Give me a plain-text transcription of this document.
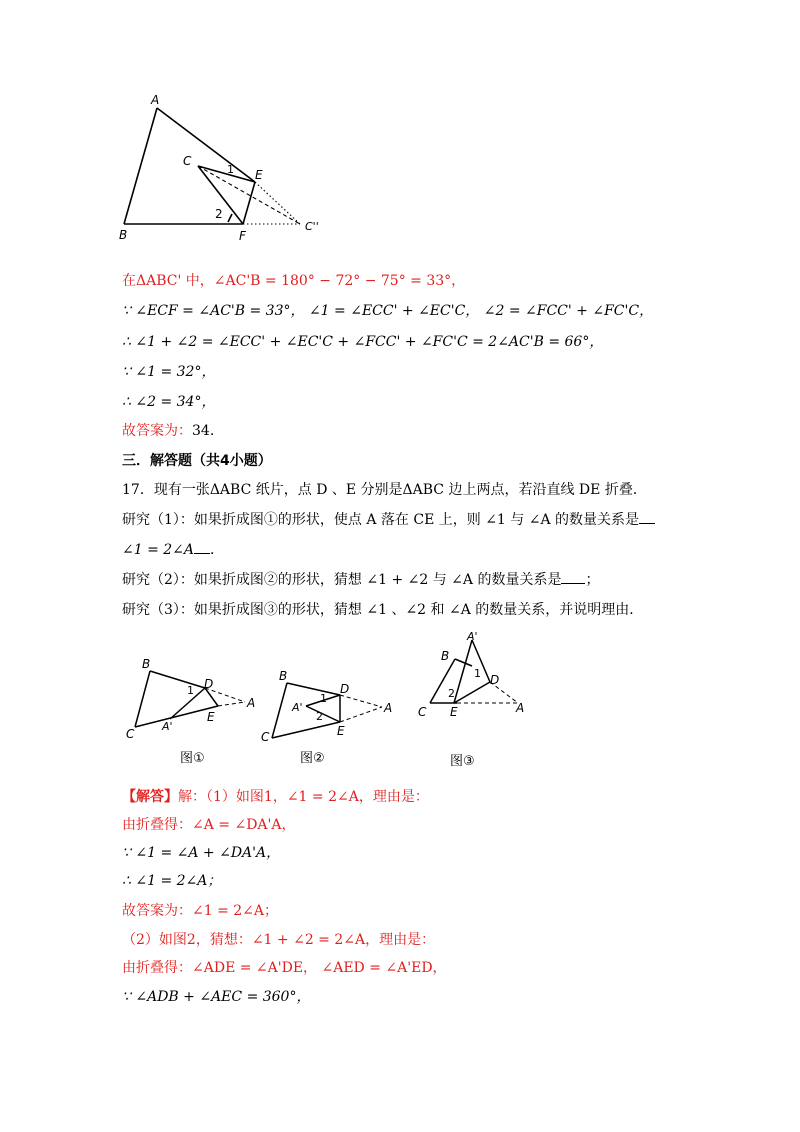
A
B
C
E
F
C''
1
2
在ΔABC' 中，∠AC'B = 180° − 72° − 75° = 33°，
∵ ∠ECF = ∠AC'B = 33°， ∠1 = ∠ECC' + ∠EC'C， ∠2 = ∠FCC' + ∠FC'C，
∴ ∠1 + ∠2 = ∠ECC' + ∠EC'C + ∠FCC' + ∠FC'C = 2∠AC'B = 66°，
∵ ∠1 = 32°，
∴ ∠2 = 34°，
故答案为：34.
三．解答题（共4小题）
17．现有一张ΔABC 纸片，点 D 、E 分别是ΔABC 边上两点，若沿直线 DE 折叠．
研究（1）：如果折成图①的形状，使点 A 落在 CE 上，则 ∠1 与 ∠A 的数量关系是
∠1 = 2∠A ．
研究（2）：如果折成图②的形状，猜想 ∠1 + ∠2 与 ∠A 的数量关系是 ；
研究（3）：如果折成图③的形状，猜想 ∠1 、∠2 和 ∠A 的数量关系，并说明理由．
B
C
D
E
A
A'
1
图①
B
C
D
E
A
A'
1
2
图②
B
C
D
E	A
A'
1
2
图③
【解答】解：（1）如图1，∠1 = 2∠A，理由是：
由折叠得：∠A = ∠DA'A，
∵ ∠1 = ∠A + ∠DA'A，
∴ ∠1 = 2∠A；
故答案为：∠1 = 2∠A；
（2）如图2，猜想：∠1 + ∠2 = 2∠A，理由是：
由折叠得：∠ADE = ∠A'DE， ∠AED = ∠A'ED，
∵ ∠ADB + ∠AEC = 360°，
